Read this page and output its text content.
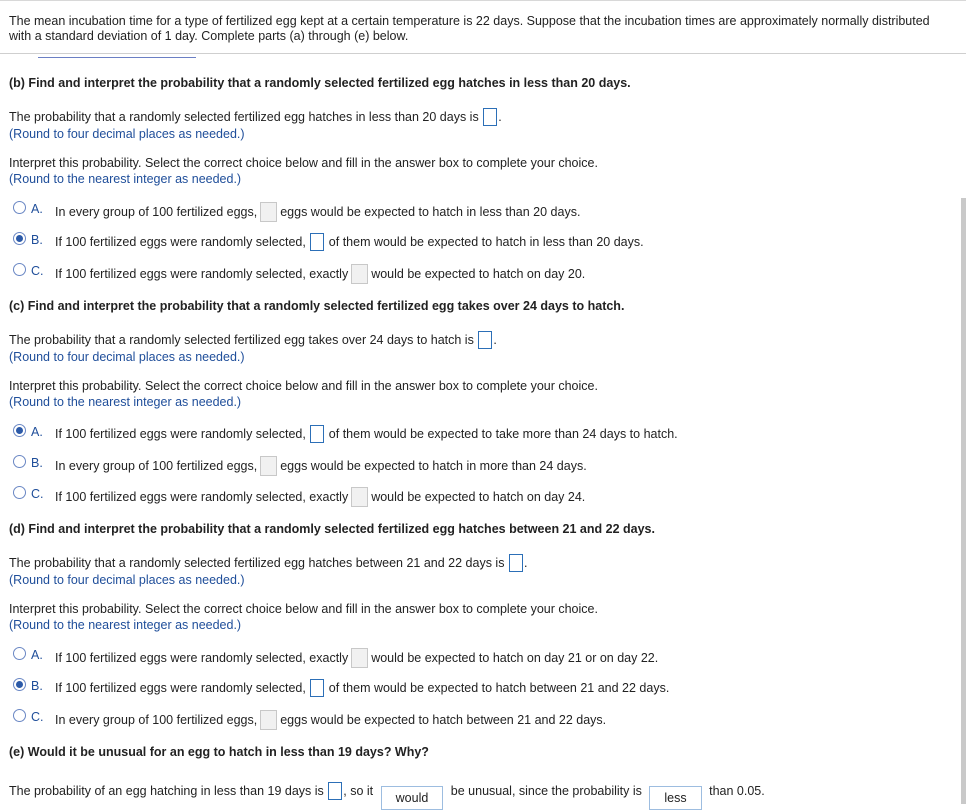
The mean incubation time for a type of fertilized egg kept at a certain temperature is 22 days. Suppose that the incubation times are approximately normally distributed
with a standard deviation of 1 day. Complete parts (a) through (e) below.
(b) Find and interpret the probability that a randomly selected fertilized egg hatches in less than 20 days.
The probability that a randomly selected fertilized egg hatches in less than 20 days is .
(Round to four decimal places as needed.)
Interpret this probability. Select the correct choice below and fill in the answer box to complete your choice.
(Round to the nearest integer as needed.)
A. In every group of 100 fertilized eggs, eggs would be expected to hatch in less than 20 days.
B. If 100 fertilized eggs were randomly selected, of them would be expected to hatch in less than 20 days.
C. If 100 fertilized eggs were randomly selected, exactly would be expected to hatch on day 20.
(c) Find and interpret the probability that a randomly selected fertilized egg takes over 24 days to hatch.
The probability that a randomly selected fertilized egg takes over 24 days to hatch is .
(Round to four decimal places as needed.)
Interpret this probability. Select the correct choice below and fill in the answer box to complete your choice.
(Round to the nearest integer as needed.)
A. If 100 fertilized eggs were randomly selected, of them would be expected to take more than 24 days to hatch.
B. In every group of 100 fertilized eggs, eggs would be expected to hatch in more than 24 days.
C. If 100 fertilized eggs were randomly selected, exactly would be expected to hatch on day 24.
(d) Find and interpret the probability that a randomly selected fertilized egg hatches between 21 and 22 days.
The probability that a randomly selected fertilized egg hatches between 21 and 22 days is .
(Round to four decimal places as needed.)
Interpret this probability. Select the correct choice below and fill in the answer box to complete your choice.
(Round to the nearest integer as needed.)
A. If 100 fertilized eggs were randomly selected, exactly would be expected to hatch on day 21 or on day 22.
B. If 100 fertilized eggs were randomly selected, of them would be expected to hatch between 21 and 22 days.
C. In every group of 100 fertilized eggs, eggs would be expected to hatch between 21 and 22 days.
(e) Would it be unusual for an egg to hatch in less than 19 days? Why?
The probability of an egg hatching in less than 19 days is , so it would be unusual, since the probability is less than 0.05.
